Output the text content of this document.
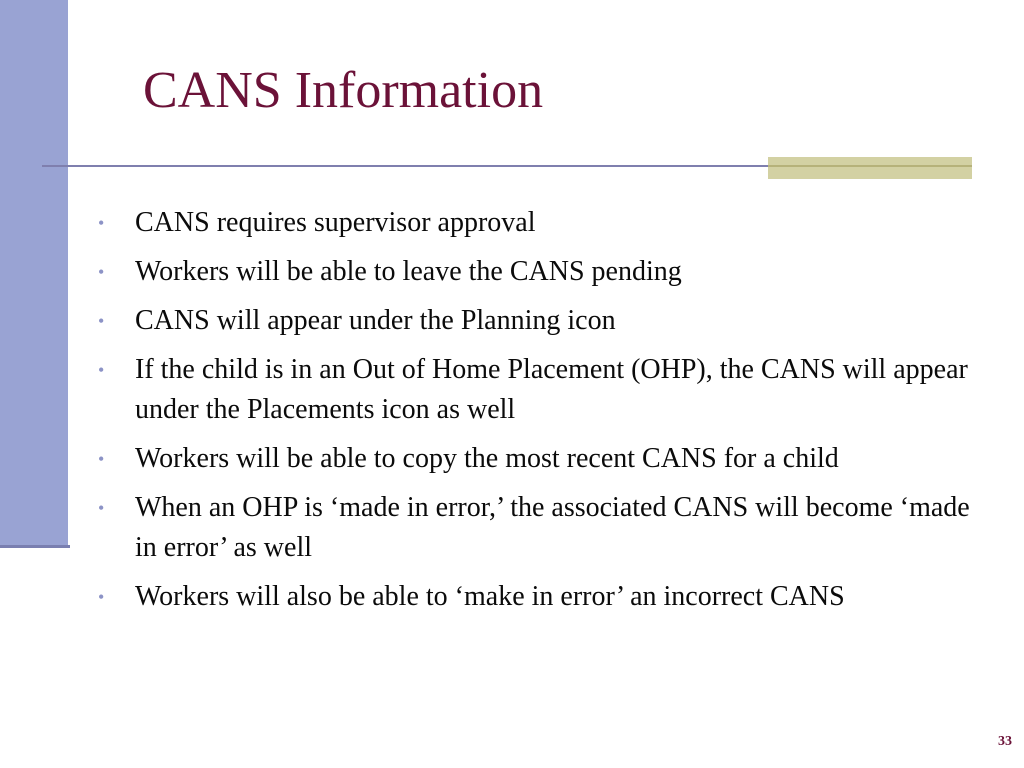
CANS Information
• CANS requires supervisor approval
• Workers will be able to leave the CANS pending
• CANS will appear under the Planning icon
• If the child is in an Out of Home Placement (OHP), the CANS will appear under the Placements icon as well
• Workers will be able to copy the most recent CANS for a child
• When an OHP is ‘made in error,’ the associated CANS will become ‘made in error’ as well
• Workers will also be able to ‘make in error’ an incorrect CANS
33
